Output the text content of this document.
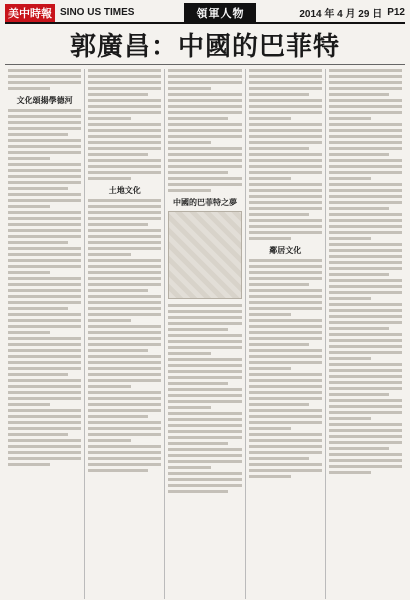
美中時報 SINO US TIMES	領軍人物	2014 年 4 月 29 日 P12
郭廣昌：中國的巴菲特
文化頌揚學德河
土地文化
中國的巴菲特之夢
鄰居文化
